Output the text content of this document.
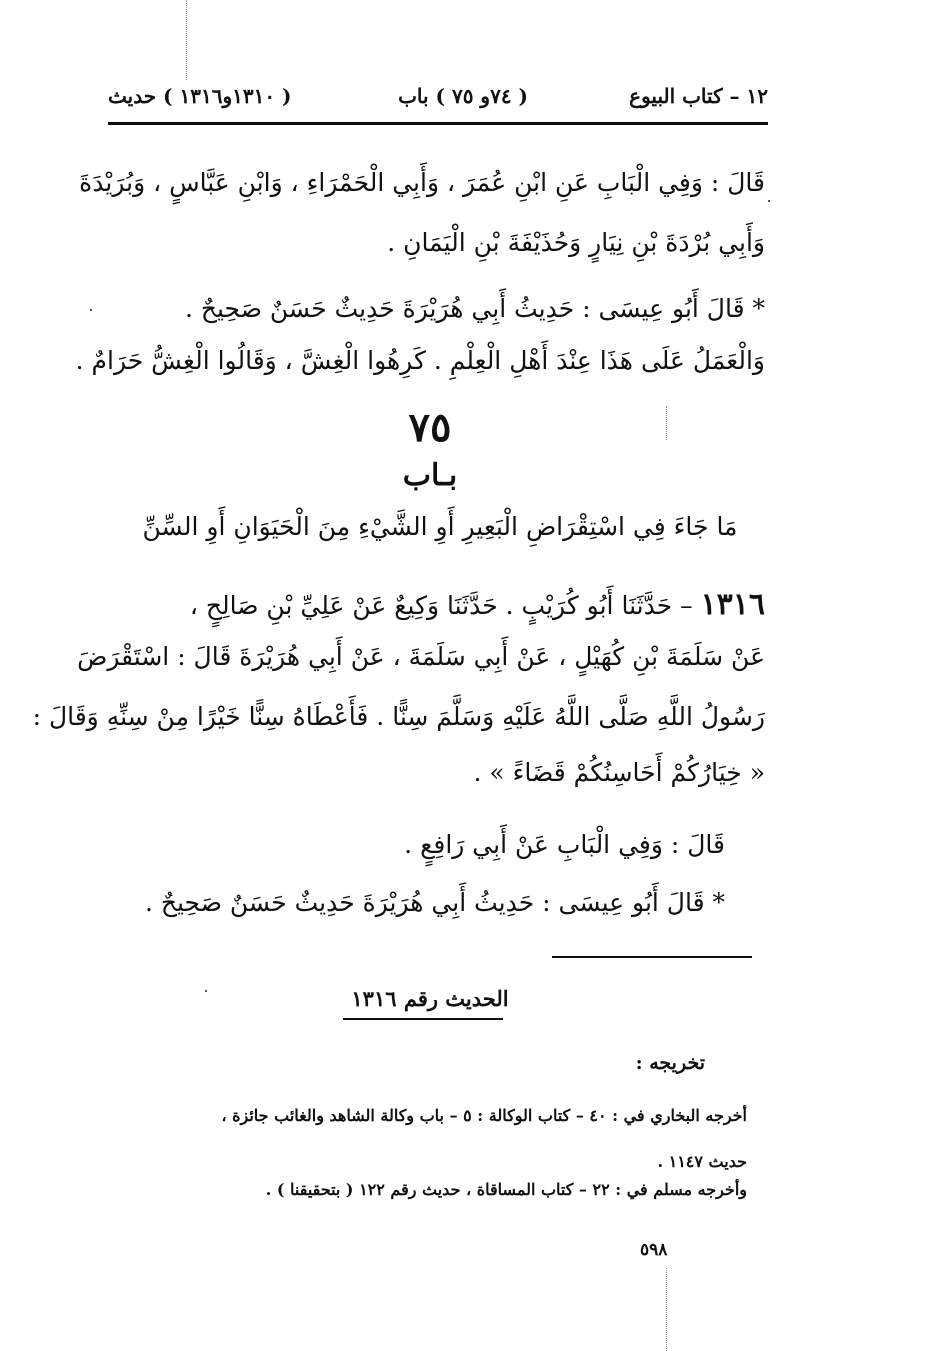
١٢ – كتاب البيوع
( ٧٤و ٧٥ ) باب
( ١٣١٠و١٣١٦ ) حديث
قَالَ : وَفِي الْبَابِ عَنِ ابْنِ عُمَرَ ، وَأَبِي الْحَمْرَاءِ ، وَابْنِ عَبَّاسٍ ، وَبُرَيْدَةَ
وَأَبِي بُرْدَةَ بْنِ نِيَارٍ وَحُذَيْفَةَ بْنِ الْيَمَانِ .
* قَالَ أَبُو عِيسَى : حَدِيثُ أَبِي هُرَيْرَةَ حَدِيثٌ حَسَنٌ صَحِيحٌ .
وَالْعَمَلُ عَلَى هَذَا عِنْدَ أَهْلِ الْعِلْمِ . كَرِهُوا الْغِشَّ ، وَقَالُوا الْغِشُّ حَرَامٌ .
٧٥
بـاب
مَا جَاءَ فِي اسْتِقْرَاضِ الْبَعِيرِ أَوِ الشَّيْءِ مِنَ الْحَيَوَانِ أَوِ السِّنِّ
١٣١٦ – حَدَّثَنَا أَبُو كُرَيْبٍ . حَدَّثَنَا وَكِيعٌ عَنْ عَلِيِّ بْنِ صَالِحٍ ،
عَنْ سَلَمَةَ بْنِ كُهَيْلٍ ، عَنْ أَبِي سَلَمَةَ ، عَنْ أَبِي هُرَيْرَةَ قَالَ : اسْتَقْرَضَ
رَسُولُ اللَّهِ صَلَّى اللَّهُ عَلَيْهِ وَسَلَّمَ سِنًّا . فَأَعْطَاهُ سِنًّا خَيْرًا مِنْ سِنِّهِ وَقَالَ :
« خِيَارُكُمْ أَحَاسِنُكُمْ قَضَاءً » .
قَالَ : وَفِي الْبَابِ عَنْ أَبِي رَافِعٍ .
* قَالَ أَبُو عِيسَى : حَدِيثُ أَبِي هُرَيْرَةَ حَدِيثٌ حَسَنٌ صَحِيحٌ .
الحديث رقم ١٣١٦
تخريجه :
أخرجه البخاري في : ٤٠ – كتاب الوكالة : ٥ – باب وكالة الشاهد والغائب جائزة ،
حديث ١١٤٧ .
وأخرجه مسلم في : ٢٢ – كتاب المساقاة ، حديث رقم ١٢٢ ( بتحقيقنا ) .
٥٩٨
